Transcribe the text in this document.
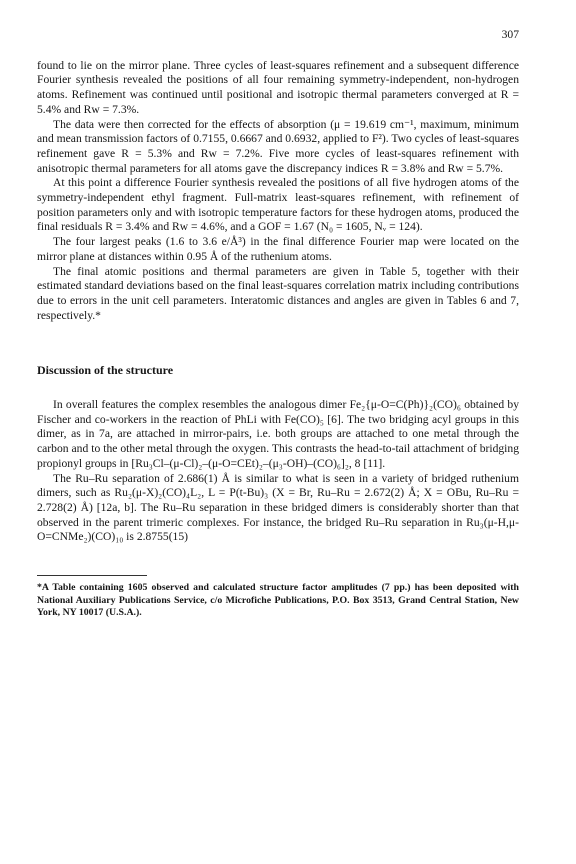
307

found to lie on the mirror plane. Three cycles of least-squares refinement and a subsequent difference Fourier synthesis revealed the positions of all four remaining symmetry-independent, non-hydrogen atoms. Refinement was continued until positional and isotropic thermal parameters converged at R = 5.4% and Rw = 7.3%.

The data were then corrected for the effects of absorption (μ = 19.619 cm⁻¹, maximum, minimum and mean transmission factors of 0.7155, 0.6667 and 0.6932, applied to F²). Two cycles of least-squares refinement gave R = 5.3% and Rw = 7.2%. Five more cycles of least-squares refinement with anisotropic thermal parameters for all atoms gave the discrepancy indices R = 3.8% and Rw = 5.7%.

At this point a difference Fourier synthesis revealed the positions of all five hydrogen atoms of the symmetry-independent ethyl fragment. Full-matrix least-squares refinement, with refinement of position parameters only and with isotropic temperature factors for these hydrogen atoms, produced the final residuals R = 3.4% and Rw = 4.6%, and a GOF = 1.67 (N₀ = 1605, Nᵥ = 124).

The four largest peaks (1.6 to 3.6 e/Å³) in the final difference Fourier map were located on the mirror plane at distances within 0.95 Å of the ruthenium atoms.

The final atomic positions and thermal parameters are given in Table 5, together with their estimated standard deviations based on the final least-squares correlation matrix including contributions due to errors in the unit cell parameters. Interatomic distances and angles are given in Tables 6 and 7, respectively.*

Discussion of the structure

In overall features the complex resembles the analogous dimer Fe₂{μ-O=C(Ph)}₂(CO)₆ obtained by Fischer and co-workers in the reaction of PhLi with Fe(CO)₅ [6]. The two bridging acyl groups in this dimer, as in 7a, are attached in mirror-pairs, i.e. both groups are attached to one metal through the carbon and to the other metal through the oxygen. This contrasts the head-to-tail attachment of bridging propionyl groups in [Ru₃Cl–(μ-Cl)₂–(μ-O=CEt)₂–(μ₃-OH)–(CO)₆]₂, 8 [11].

The Ru–Ru separation of 2.686(1) Å is similar to what is seen in a variety of bridged ruthenium dimers, such as Ru₂(μ-X)₂(CO)₄L₂, L = P(t-Bu)₃ (X = Br, Ru–Ru = 2.672(2) Å; X = OBu, Ru–Ru = 2.728(2) Å) [12a, b]. The Ru–Ru separation in these bridged dimers is considerably shorter than that observed in the parent trimeric complexes. For instance, the bridged Ru–Ru separation in Ru₃(μ-H,μ-O=CNMe₂)(CO)₁₀ is 2.8755(15)

*A Table containing 1605 observed and calculated structure factor amplitudes (7 pp.) has been deposited with National Auxiliary Publications Service, c/o Microfiche Publications, P.O. Box 3513, Grand Central Station, New York, NY 10017 (U.S.A.).
